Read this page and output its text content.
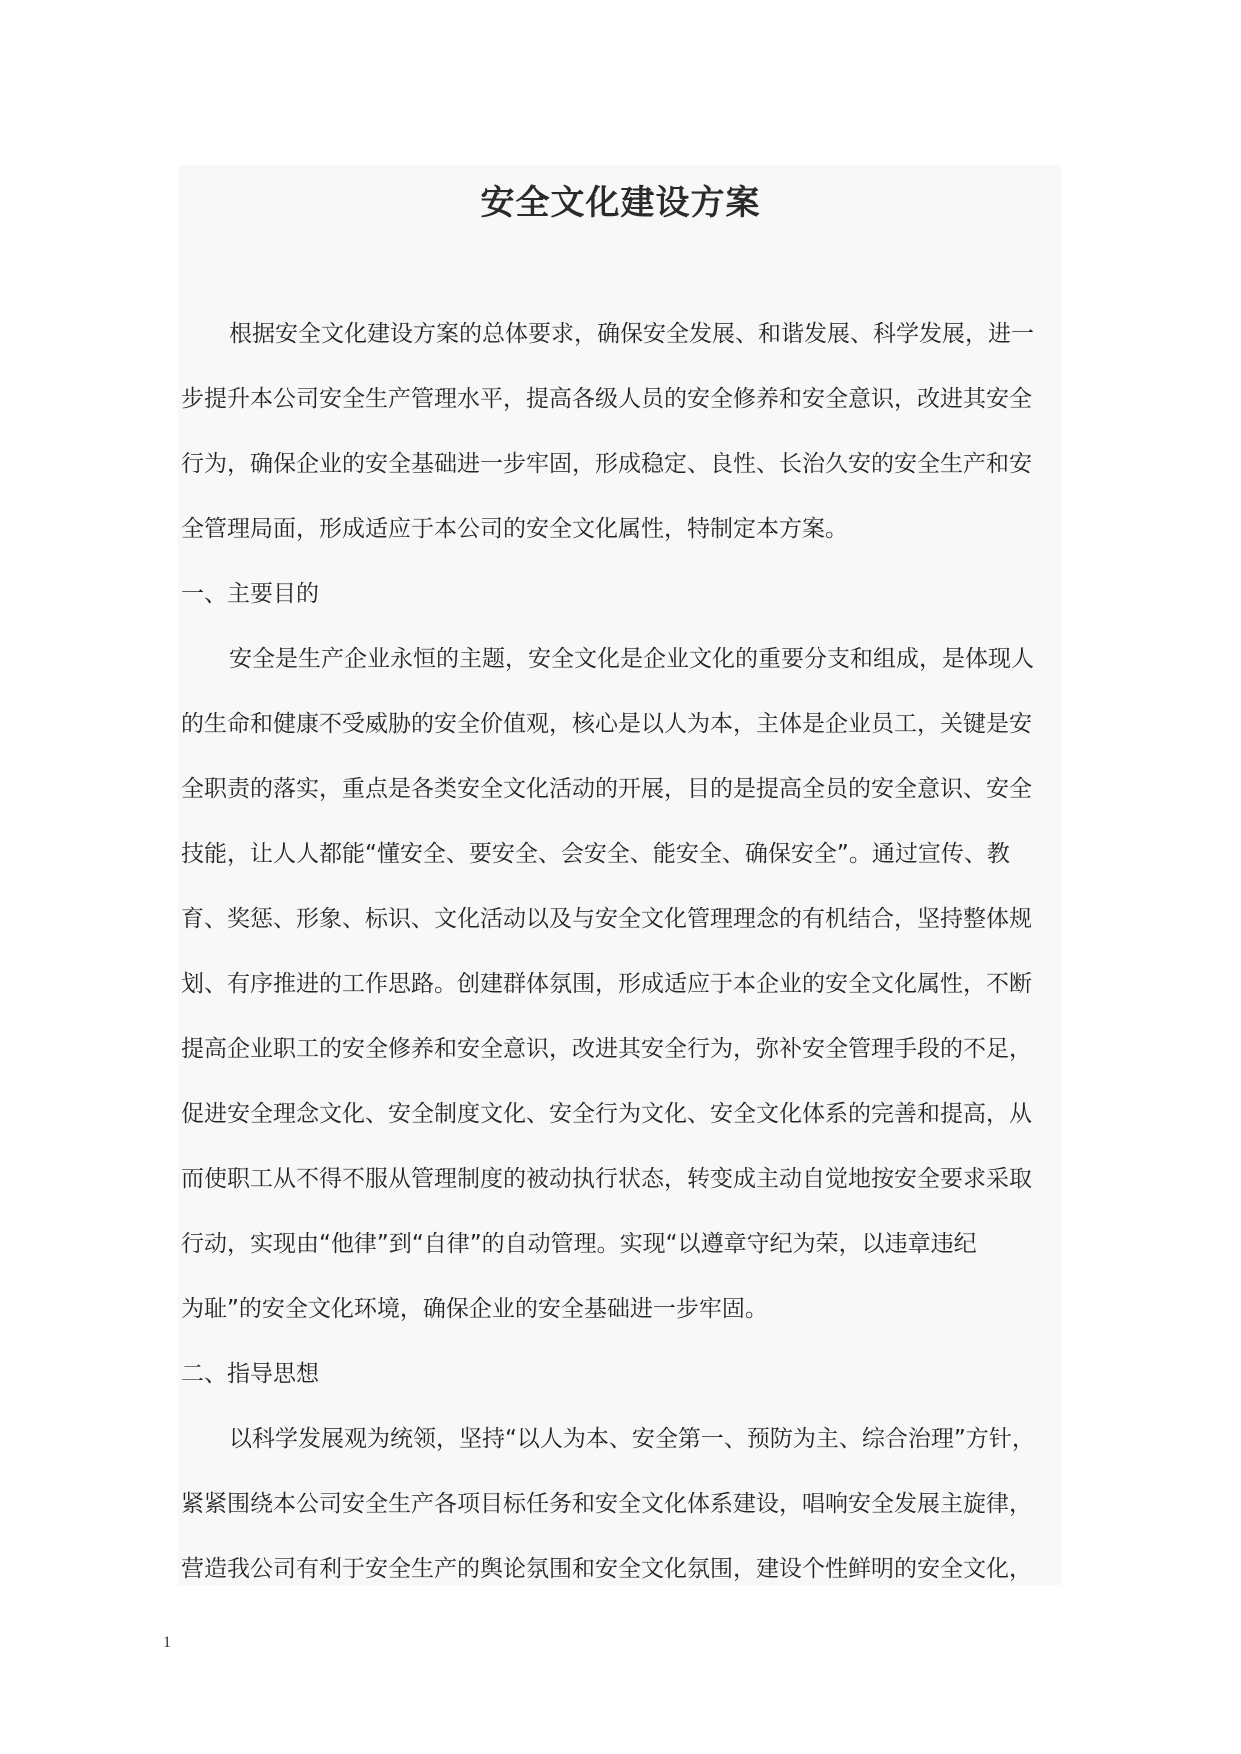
安全文化建设方案
根据安全文化建设方案的总体要求，确保安全发展、和谐发展、科学发展，进一
步提升本公司安全生产管理水平，提高各级人员的安全修养和安全意识，改进其安全
行为，确保企业的安全基础进一步牢固，形成稳定、良性、长治久安的安全生产和安
全管理局面，形成适应于本公司的安全文化属性，特制定本方案。
一、主要目的
安全是生产企业永恒的主题，安全文化是企业文化的重要分支和组成，是体现人
的生命和健康不受威胁的安全价值观，核心是以人为本，主体是企业员工，关键是安
全职责的落实，重点是各类安全文化活动的开展，目的是提高全员的安全意识、安全
技能，让人人都能“懂安全、要安全、会安全、能安全、确保安全”。通过宣传、教
育、奖惩、形象、标识、文化活动以及与安全文化管理理念的有机结合，坚持整体规
划、有序推进的工作思路。创建群体氛围，形成适应于本企业的安全文化属性，不断
提高企业职工的安全修养和安全意识，改进其安全行为，弥补安全管理手段的不足，
促进安全理念文化、安全制度文化、安全行为文化、安全文化体系的完善和提高，从
而使职工从不得不服从管理制度的被动执行状态，转变成主动自觉地按安全要求采取
行动，实现由“他律”到“自律”的自动管理。实现“以遵章守纪为荣，以违章违纪
为耻”的安全文化环境，确保企业的安全基础进一步牢固。
二、指导思想
以科学发展观为统领，坚持“以人为本、安全第一、预防为主、综合治理”方针，
紧紧围绕本公司安全生产各项目标任务和安全文化体系建设，唱响安全发展主旋律，
营造我公司有利于安全生产的舆论氛围和安全文化氛围，建设个性鲜明的安全文化，
1
